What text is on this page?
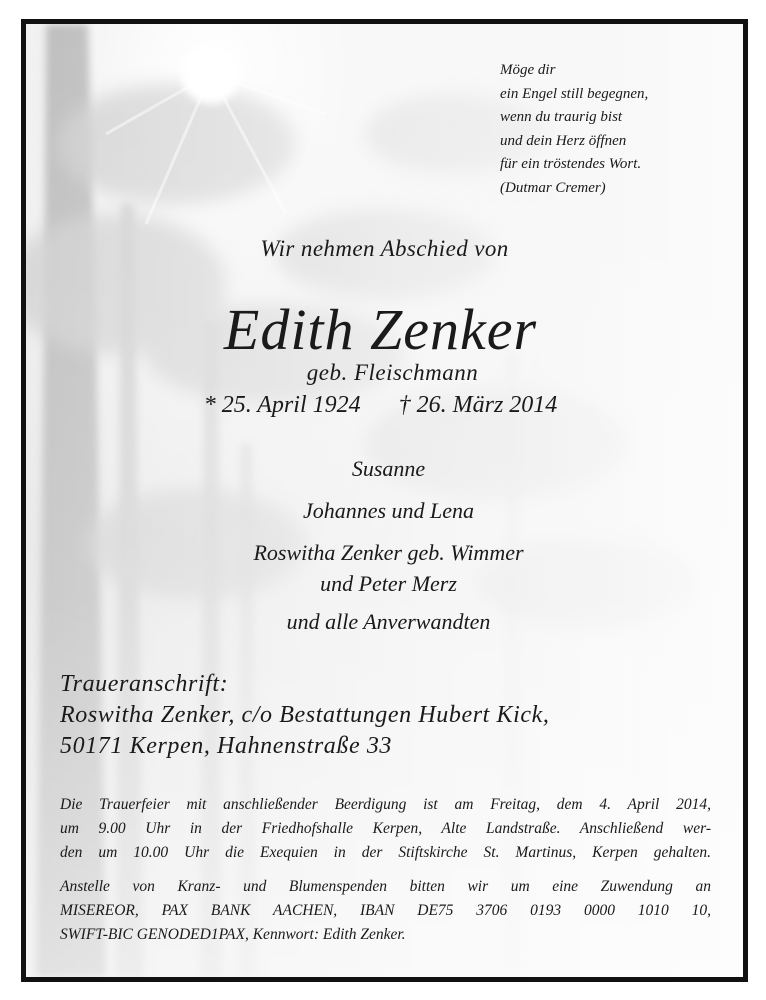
Möge dir
ein Engel still begegnen,
wenn du traurig bist
und dein Herz öffnen
für ein tröstendes Wort.
(Dutmar Cremer)
Wir nehmen Abschied von
Edith Zenker
geb. Fleischmann
* 25. April 1924 † 26. März 2014
Susanne
Johannes und Lena
Roswitha Zenker geb. Wimmer
und Peter Merz
und alle Anverwandten
Traueranschrift:
Roswitha Zenker, c/o Bestattungen Hubert Kick,
50171 Kerpen, Hahnenstraße 33
Die Trauerfeier mit anschließender Beerdigung ist am Freitag, dem 4. April 2014,
um 9.00 Uhr in der Friedhofshalle Kerpen, Alte Landstraße. Anschließend wer-
den um 10.00 Uhr die Exequien in der Stiftskirche St. Martinus, Kerpen gehalten.
Anstelle von Kranz- und Blumenspenden bitten wir um eine Zuwendung an
MISEREOR, PAX BANK AACHEN, IBAN DE75 3706 0193 0000 1010 10,
SWIFT-BIC GENODED1PAX, Kennwort: Edith Zenker.
